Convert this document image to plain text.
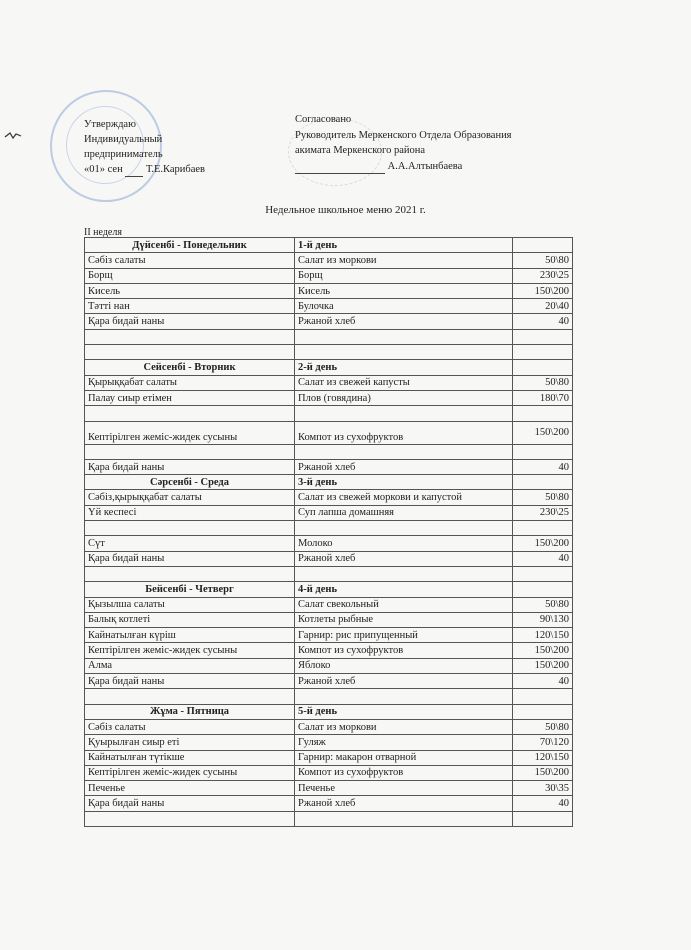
Утверждаю
Индивидуальный
предприниматель
«01» сен Т.Е.Карибаев
Согласовано
Руководитель Меркенского Отдела Образования
акимата Меркенского района
А.А.Алтынбаева
Недельное школьное меню 2021 г.
II неделя
Дүйсенбі - Понедельник	1-й день	
Сәбіз салаты	Салат из моркови	50\80
Борщ	Борщ	230\25
Кисель	Кисель	150\200
Тәтті нан	Булочка	20\40
Қара бидай наны	Ржаной хлеб	40

Сейсенбі - Вторник	2-й день	
Қырыққабат салаты	Салат из свежей капусты	50\80
Палау сиыр етімен	Плов (говядина)	180\70

Кептірілген жеміс-жидек сусыны	Компот из сухофруктов	150\200

Қара бидай наны	Ржаной хлеб	40
Сәрсенбі - Среда	3-й день	
Сәбіз,қырыққабат салаты	Салат из свежей моркови и капустой	50\80
Үй кеспесі	Суп лапша домашняя	230\25

Сүт	Молоко	150\200
Қара бидай наны	Ржаной хлеб	40

Бейсенбі - Четверг	4-й день	
Қызылша салаты	Салат свекольный	50\80
Балық котлеті	Котлеты рыбные	90\130
Кайнатылған күріш	Гарнир: рис припущенный	120\150
Кептірілген жеміс-жидек сусыны	Компот из сухофруктов	150\200
Алма	Яблоко	150\200
Қара бидай наны	Ржаной хлеб	40

Жұма - Пятница	5-й день	
Сәбіз салаты	Салат из моркови	50\80
Қуырылған сиыр еті	Гуляж	70\120
Кайнатылған түтікше	Гарнир: макарон отварной	120\150
Кептірілген жеміс-жидек сусыны	Компот из сухофруктов	150\200
Печенье	Печенье	30\35
Қара бидай наны	Ржаной хлеб	40
